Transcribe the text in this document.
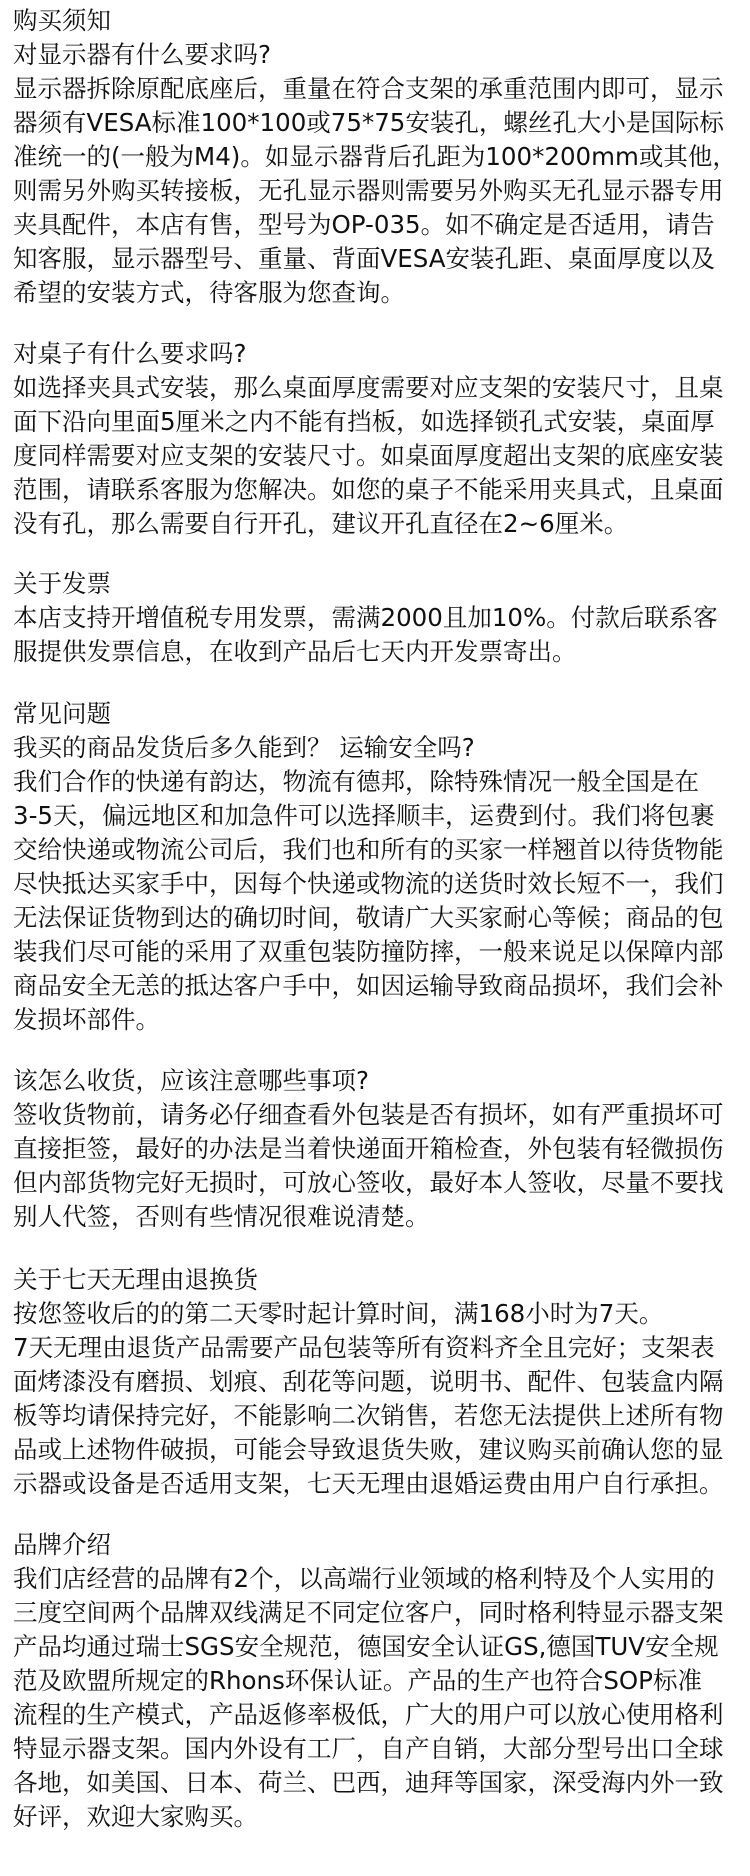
购买须知
对显示器有什么要求吗?
显示器拆除原配底座后，重量在符合支架的承重范围内即可，显示
器须有VESA标准100*100或75*75安装孔，螺丝孔大小是国际标
准统一的(一般为M4)。如显示器背后孔距为100*200mm或其他，
则需另外购买转接板，无孔显示器则需要另外购买无孔显示器专用
夹具配件，本店有售，型号为OP-035。如不确定是否适用，请告
知客服，显示器型号、重量、背面VESA安装孔距、桌面厚度以及
希望的安装方式，待客服为您查询。
对桌子有什么要求吗?
如选择夹具式安装，那么桌面厚度需要对应支架的安装尺寸，且桌
面下沿向里面5厘米之内不能有挡板，如选择锁孔式安装，桌面厚
度同样需要对应支架的安装尺寸。如桌面厚度超出支架的底座安装
范围，请联系客服为您解决。如您的桌子不能采用夹具式，且桌面
没有孔，那么需要自行开孔，建议开孔直径在2~6厘米。
关于发票
本店支持开增值税专用发票，需满2000且加10%。付款后联系客
服提供发票信息，在收到产品后七天内开发票寄出。
常见问题
我买的商品发货后多久能到？ 运输安全吗?
我们合作的快递有韵达，物流有德邦，除特殊情况一般全国是在
3-5天，偏远地区和加急件可以选择顺丰，运费到付。我们将包裹
交给快递或物流公司后，我们也和所有的买家一样翘首以待货物能
尽快抵达买家手中，因每个快递或物流的送货时效长短不一，我们
无法保证货物到达的确切时间，敬请广大买家耐心等候；商品的包
装我们尽可能的采用了双重包装防撞防摔，一般来说足以保障内部
商品安全无恙的抵达客户手中，如因运输导致商品损坏，我们会补
发损坏部件。
该怎么收货，应该注意哪些事项?
签收货物前，请务必仔细查看外包装是否有损坏，如有严重损坏可
直接拒签，最好的办法是当着快递面开箱检查，外包装有轻微损伤
但内部货物完好无损时，可放心签收，最好本人签收，尽量不要找
别人代签，否则有些情况很难说清楚。
关于七天无理由退换货
按您签收后的的第二天零时起计算时间，满168小时为7天。
7天无理由退货产品需要产品包装等所有资料齐全且完好；支架表
面烤漆没有磨损、划痕、刮花等问题，说明书、配件、包装盒内隔
板等均请保持完好，不能影响二次销售，若您无法提供上述所有物
品或上述物件破损，可能会导致退货失败，建议购买前确认您的显
示器或设备是否适用支架，七天无理由退婚运费由用户自行承担。
品牌介绍
我们店经营的品牌有2个，以高端行业领域的格利特及个人实用的
三度空间两个品牌双线满足不同定位客户，同时格利特显示器支架
产品均通过瑞士SGS安全规范，德国安全认证GS,德国TUV安全规
范及欧盟所规定的Rhons环保认证。产品的生产也符合SOP标准
流程的生产模式，产品返修率极低，广大的用户可以放心使用格利
特显示器支架。国内外设有工厂，自产自销，大部分型号出口全球
各地，如美国、日本、荷兰、巴西，迪拜等国家，深受海内外一致
好评，欢迎大家购买。
